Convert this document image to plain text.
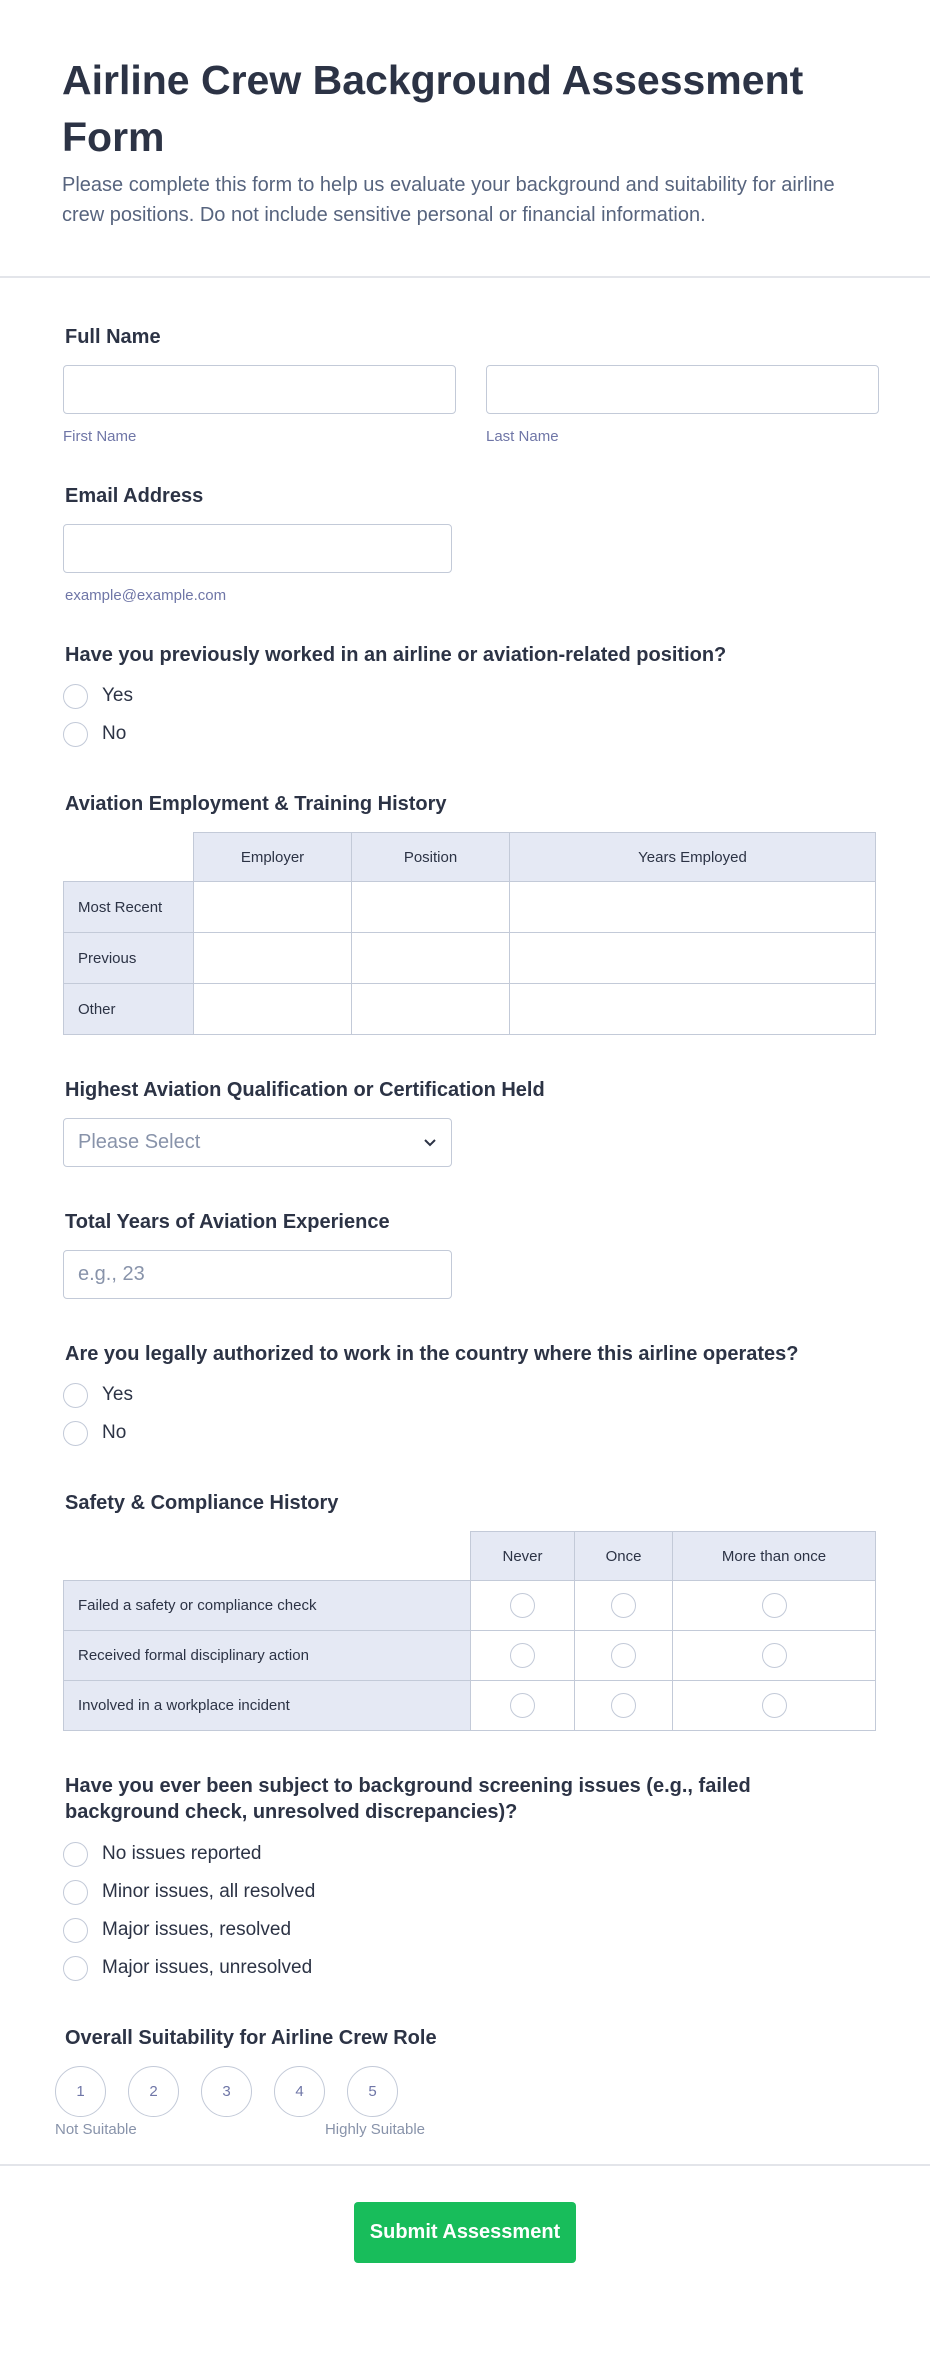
Airline Crew Background Assessment Form

Please complete this form to help us evaluate your background and suitability for airline crew positions. Do not include sensitive personal or financial information.

Full Name
First Name	Last Name
Email Address
example@example.com
Have you previously worked in an airline or aviation-related position?
Yes
No
Aviation Employment & Training History
	Employer	Position	Years Employed
Most Recent			
Previous			
Other			
Highest Aviation Qualification or Certification Held
Please Select
Total Years of Aviation Experience
e.g., 23
Are you legally authorized to work in the country where this airline operates?
Yes
No
Safety & Compliance History
	Never	Once	More than once
Failed a safety or compliance check	

Received formal disciplinary action	

Involved in a workplace incident	

Have you ever been subject to background screening issues (e.g., failed background check, unresolved discrepancies)?
No issues reported
Minor issues, all resolved
Major issues, resolved
Major issues, unresolved
Overall Suitability for Airline Crew Role
1	2	3	4	5
Not Suitable	Highly Suitable
Submit Assessment
